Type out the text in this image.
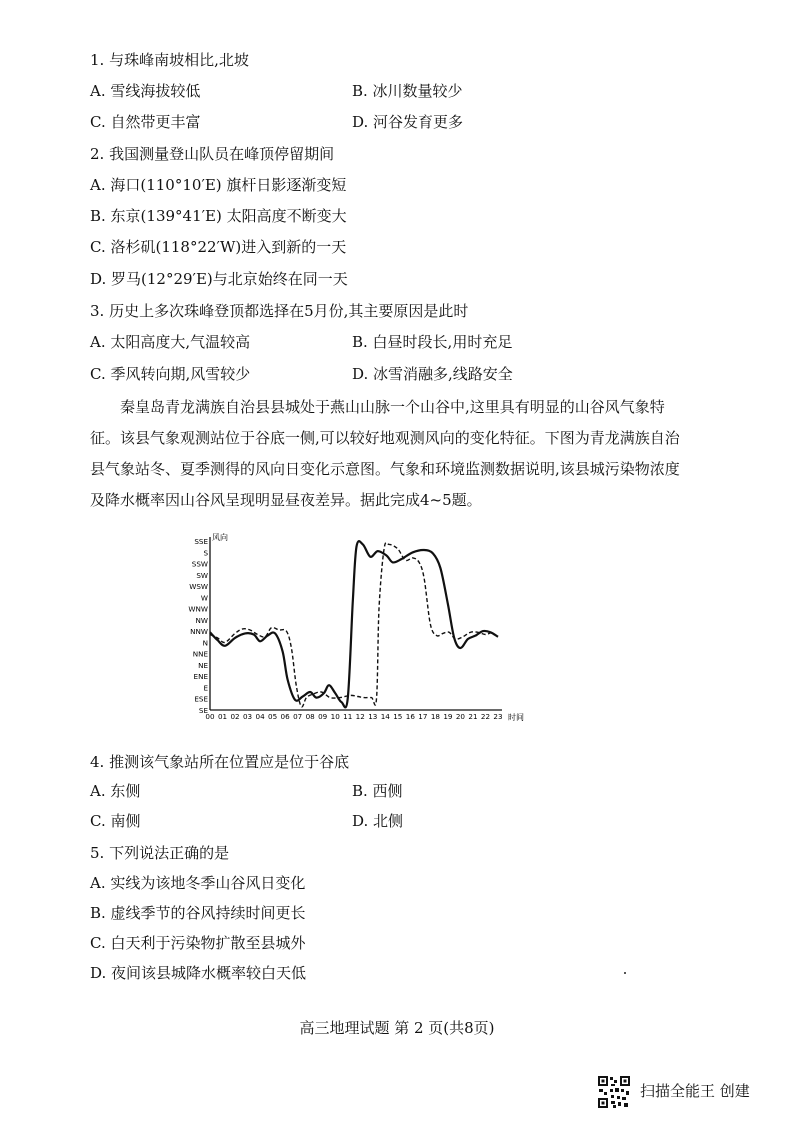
1. 与珠峰南坡相比,北坡
A. 雪线海拔较低	B. 冰川数量较少
C. 自然带更丰富	D. 河谷发育更多
2. 我国测量登山队员在峰顶停留期间
A. 海口(110°10′E) 旗杆日影逐渐变短
B. 东京(139°41′E) 太阳高度不断变大
C. 洛杉矶(118°22′W)进入到新的一天
D. 罗马(12°29′E)与北京始终在同一天
3. 历史上多次珠峰登顶都选择在5月份,其主要原因是此时
A. 太阳高度大,气温较高	B. 白昼时段长,用时充足
C. 季风转向期,风雪较少	D. 冰雪消融多,线路安全
秦皇岛青龙满族自治县县城处于燕山山脉一个山谷中,这里具有明显的山谷风气象特征。该县气象观测站位于谷底一侧,可以较好地观测风向的变化特征。下图为青龙满族自治县气象站冬、夏季测得的风向日变化示意图。气象和环境监测数据说明,该县城污染物浓度及降水概率因山谷风呈现明显昼夜差异。据此完成4~5题。
风向
时间
SE
ESE
E
ENE
NE
NNE
N
NNW
NW
WNW
W
WSW
SW
SSW
S
SSE
00 01 02 03 04 05 06 07 08 09 10 11 12 13 14 15 16 17 18 19 20 21 22 23
4. 推测该气象站所在位置应是位于谷底
A. 东侧	B. 西侧
C. 南侧	D. 北侧
5. 下列说法正确的是
A. 实线为该地冬季山谷风日变化
B. 虚线季节的谷风持续时间更长
C. 白天利于污染物扩散至县城外
D. 夜间该县城降水概率较白天低
高三地理试题 第 2 页(共8页)
扫描全能王 创建
